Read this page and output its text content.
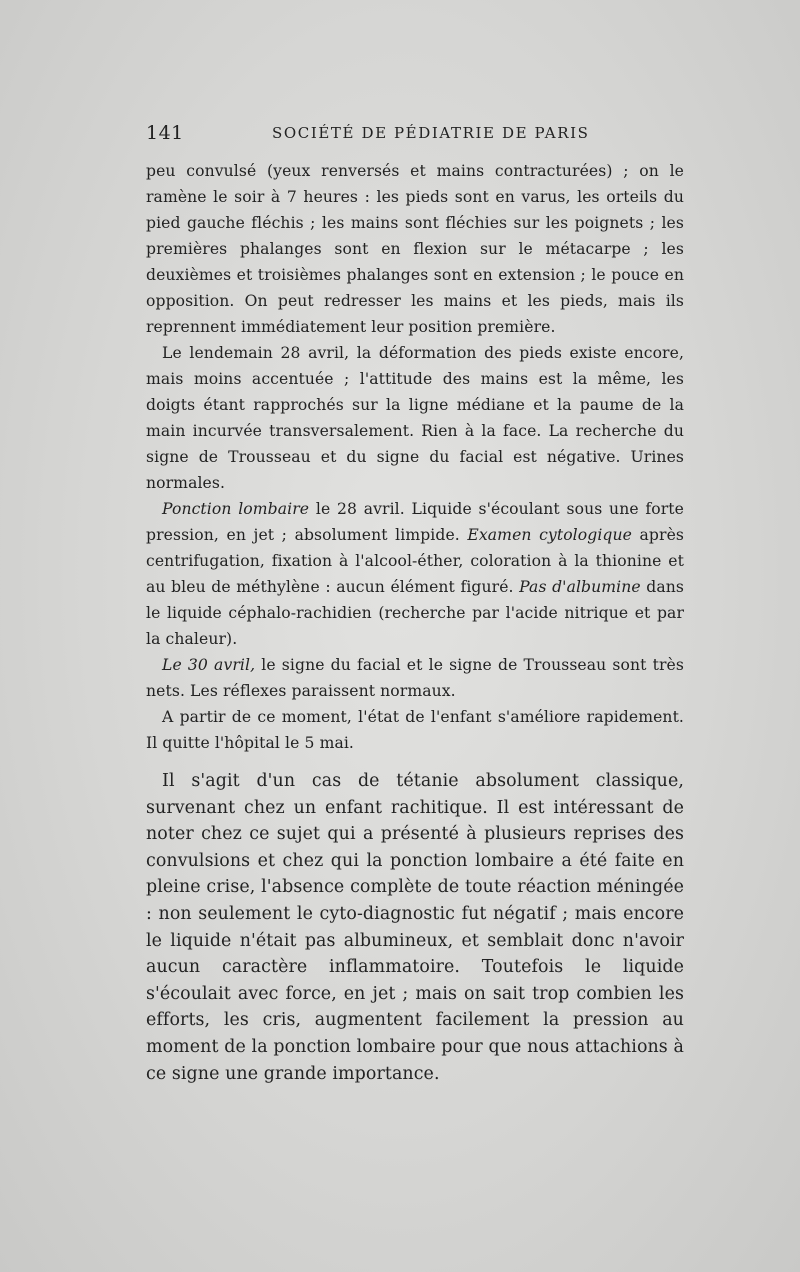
141	SOCIÉTÉ DE PÉDIATRIE DE PARIS

peu convulsé (yeux renversés et mains contracturées) ; on le ramène le soir à 7 heures : les pieds sont en varus, les orteils du pied gauche fléchis ; les mains sont fléchies sur les poignets ; les premières phalanges sont en flexion sur le métacarpe ; les deuxièmes et troisièmes phalanges sont en extension ; le pouce en opposition. On peut redresser les mains et les pieds, mais ils reprennent immédiatement leur position première.

Le lendemain 28 avril, la déformation des pieds existe encore, mais moins accentuée ; l'attitude des mains est la même, les doigts étant rapprochés sur la ligne médiane et la paume de la main incurvée transversalement. Rien à la face. La recherche du signe de Trousseau et du signe du facial est négative. Urines normales.

Ponction lombaire le 28 avril. Liquide s'écoulant sous une forte pression, en jet ; absolument limpide. Examen cytologique après centrifugation, fixation à l'alcool-éther, coloration à la thionine et au bleu de méthylène : aucun élément figuré. Pas d'albumine dans le liquide céphalo-rachidien (recherche par l'acide nitrique et par la chaleur).

Le 30 avril, le signe du facial et le signe de Trousseau sont très nets. Les réflexes paraissent normaux.

A partir de ce moment, l'état de l'enfant s'améliore rapidement. Il quitte l'hôpital le 5 mai.

Il s'agit d'un cas de tétanie absolument classique, survenant chez un enfant rachitique. Il est intéressant de noter chez ce sujet qui a présenté à plusieurs reprises des convulsions et chez qui la ponction lombaire a été faite en pleine crise, l'absence complète de toute réaction méningée : non seulement le cyto-diagnostic fut négatif ; mais encore le liquide n'était pas albumineux, et semblait donc n'avoir aucun caractère inflammatoire. Toutefois le liquide s'écoulait avec force, en jet ; mais on sait trop combien les efforts, les cris, augmentent facilement la pression au moment de la ponction lombaire pour que nous attachions à ce signe une grande importance.
